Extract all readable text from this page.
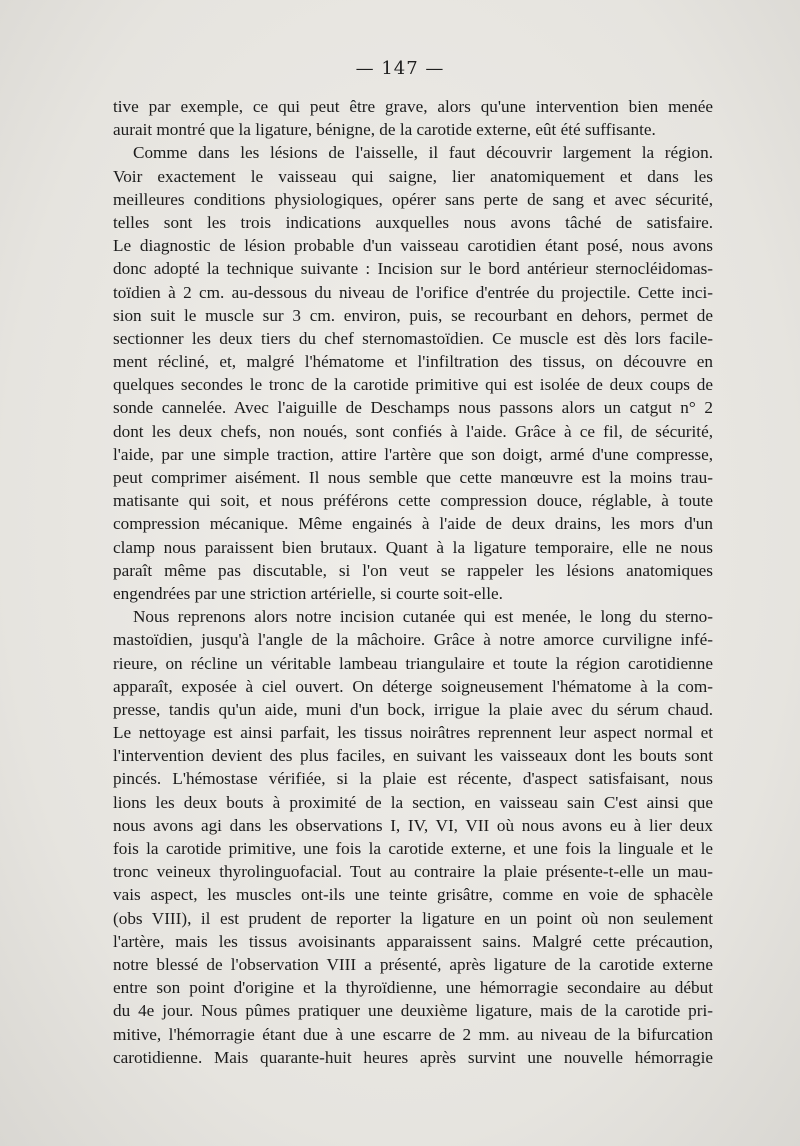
— 147 —
tive par exemple, ce qui peut être grave, alors qu'une intervention bien menée
aurait montré que la ligature, bénigne, de la carotide externe, eût été suffisante.
Comme dans les lésions de l'aisselle, il faut découvrir largement la région.
Voir exactement le vaisseau qui saigne, lier anatomiquement et dans les
meilleures conditions physiologiques, opérer sans perte de sang et avec sécurité,
telles sont les trois indications auxquelles nous avons tâché de satisfaire.
Le diagnostic de lésion probable d'un vaisseau carotidien étant posé, nous avons
donc adopté la technique suivante : Incision sur le bord antérieur sternocléidomas-
toïdien à 2 cm. au-dessous du niveau de l'orifice d'entrée du projectile. Cette inci-
sion suit le muscle sur 3 cm. environ, puis, se recourbant en dehors, permet de
sectionner les deux tiers du chef sternomastoïdien. Ce muscle est dès lors facile-
ment récliné, et, malgré l'hématome et l'infiltration des tissus, on découvre en
quelques secondes le tronc de la carotide primitive qui est isolée de deux coups de
sonde cannelée. Avec l'aiguille de Deschamps nous passons alors un catgut n° 2
dont les deux chefs, non noués, sont confiés à l'aide. Grâce à ce fil, de sécurité,
l'aide, par une simple traction, attire l'artère que son doigt, armé d'une compresse,
peut comprimer aisément. Il nous semble que cette manœuvre est la moins trau-
matisante qui soit, et nous préférons cette compression douce, réglable, à toute
compression mécanique. Même engainés à l'aide de deux drains, les mors d'un
clamp nous paraissent bien brutaux. Quant à la ligature temporaire, elle ne nous
paraît même pas discutable, si l'on veut se rappeler les lésions anatomiques
engendrées par une striction artérielle, si courte soit-elle.
Nous reprenons alors notre incision cutanée qui est menée, le long du sterno-
mastoïdien, jusqu'à l'angle de la mâchoire. Grâce à notre amorce curviligne infé-
rieure, on récline un véritable lambeau triangulaire et toute la région carotidienne
apparaît, exposée à ciel ouvert. On déterge soigneusement l'hématome à la com-
presse, tandis qu'un aide, muni d'un bock, irrigue la plaie avec du sérum chaud.
Le nettoyage est ainsi parfait, les tissus noirâtres reprennent leur aspect normal et
l'intervention devient des plus faciles, en suivant les vaisseaux dont les bouts sont
pincés. L'hémostase vérifiée, si la plaie est récente, d'aspect satisfaisant, nous
lions les deux bouts à proximité de la section, en vaisseau sain C'est ainsi que
nous avons agi dans les observations I, IV, VI, VII où nous avons eu à lier deux
fois la carotide primitive, une fois la carotide externe, et une fois la linguale et le
tronc veineux thyrolinguofacial. Tout au contraire la plaie présente-t-elle un mau-
vais aspect, les muscles ont-ils une teinte grisâtre, comme en voie de sphacèle
(obs VIII), il est prudent de reporter la ligature en un point où non seulement
l'artère, mais les tissus avoisinants apparaissent sains. Malgré cette précaution,
notre blessé de l'observation VIII a présenté, après ligature de la carotide externe
entre son point d'origine et la thyroïdienne, une hémorragie secondaire au début
du 4e jour. Nous pûmes pratiquer une deuxième ligature, mais de la carotide pri-
mitive, l'hémorragie étant due à une escarre de 2 mm. au niveau de la bifurcation
carotidienne. Mais quarante-huit heures après survint une nouvelle hémorragie
